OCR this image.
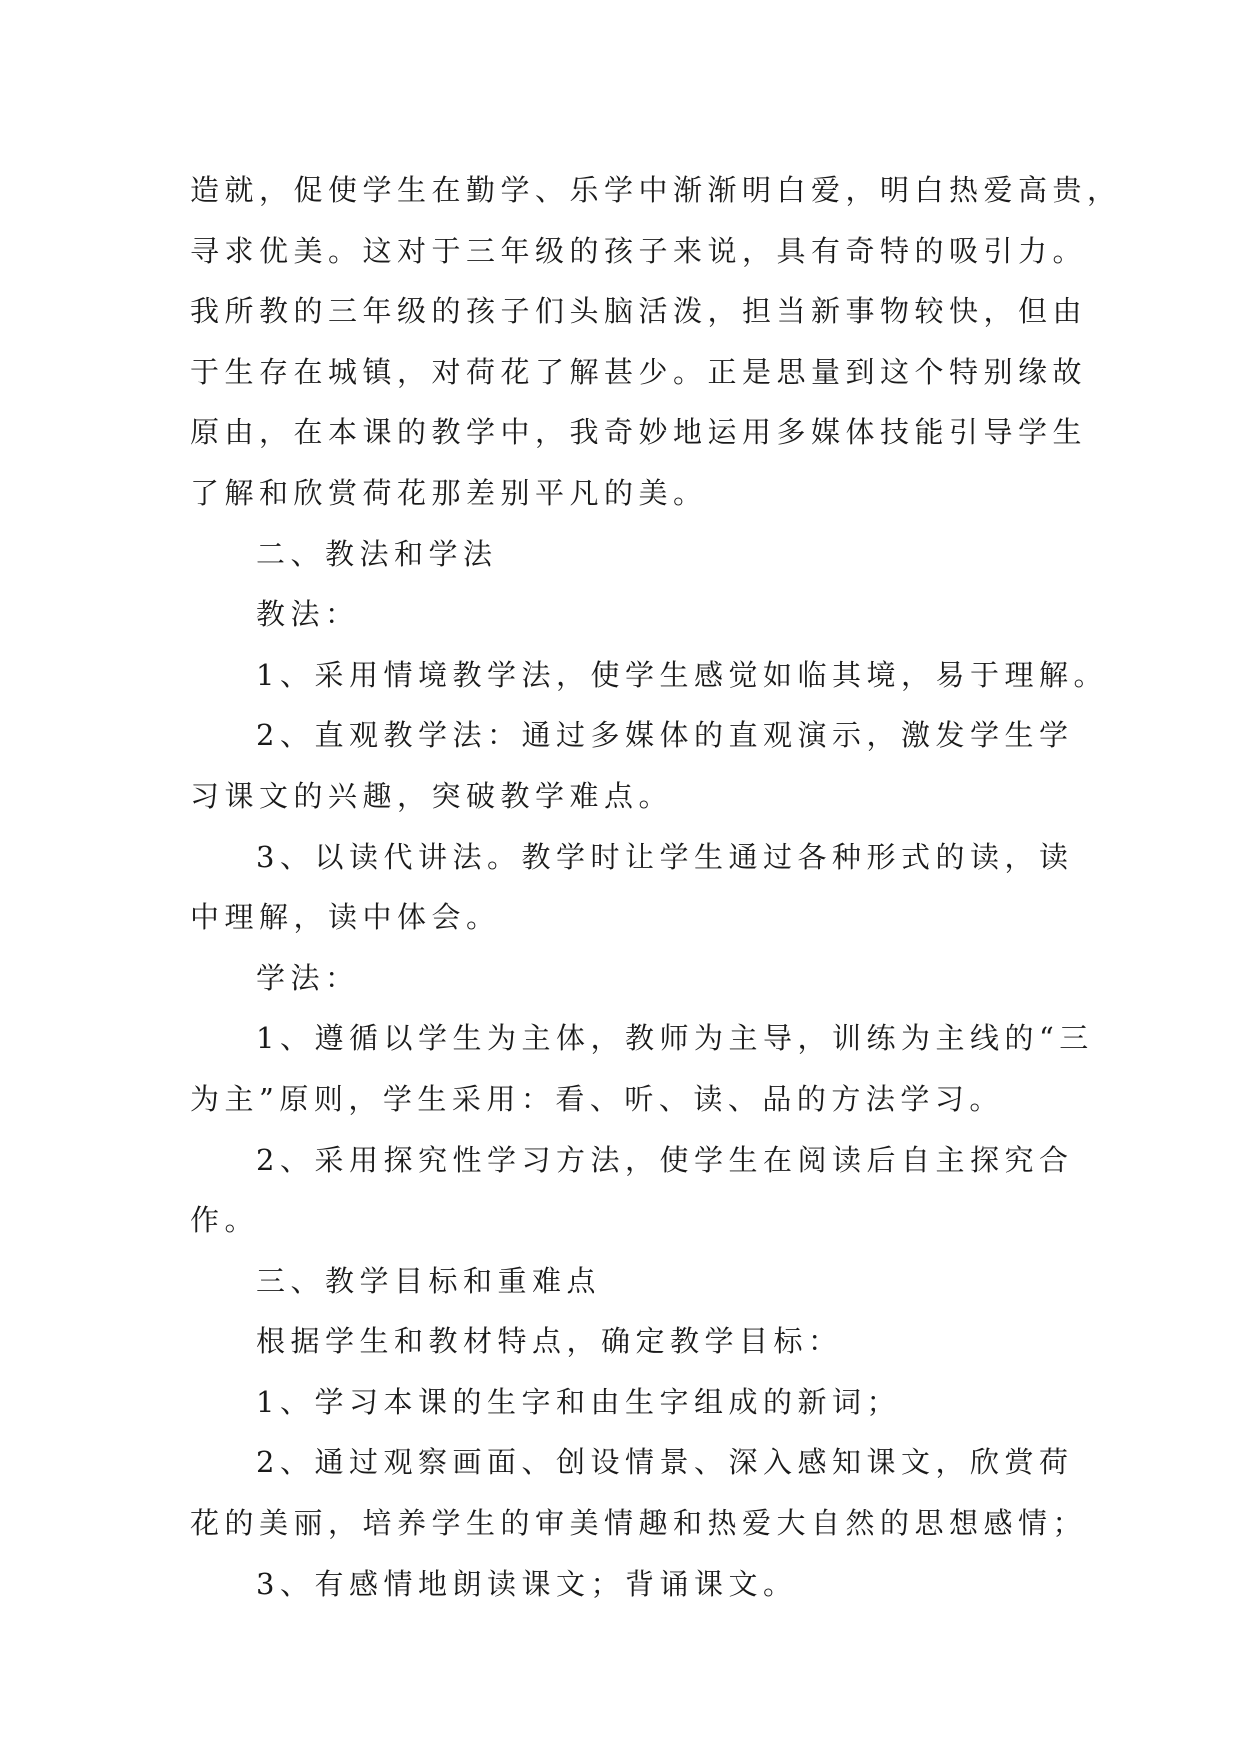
造就，促使学生在勤学、乐学中渐渐明白爱，明白热爱高贵，
寻求优美。这对于三年级的孩子来说，具有奇特的吸引力。
我所教的三年级的孩子们头脑活泼，担当新事物较快，但由
于生存在城镇，对荷花了解甚少。正是思量到这个特别缘故
原由，在本课的教学中，我奇妙地运用多媒体技能引导学生
了解和欣赏荷花那差别平凡的美。
二、教法和学法
教法：
1、采用情境教学法，使学生感觉如临其境，易于理解。
2、直观教学法：通过多媒体的直观演示，激发学生学
习课文的兴趣，突破教学难点。
3、以读代讲法。教学时让学生通过各种形式的读，读
中理解，读中体会。
学法：
1、遵循以学生为主体，教师为主导，训练为主线的“三
为主”原则，学生采用：看、听、读、品的方法学习。
2、采用探究性学习方法，使学生在阅读后自主探究合
作。
三、教学目标和重难点
根据学生和教材特点，确定教学目标：
1、学习本课的生字和由生字组成的新词；
2、通过观察画面、创设情景、深入感知课文，欣赏荷
花的美丽，培养学生的审美情趣和热爱大自然的思想感情；
3、有感情地朗读课文；背诵课文。
